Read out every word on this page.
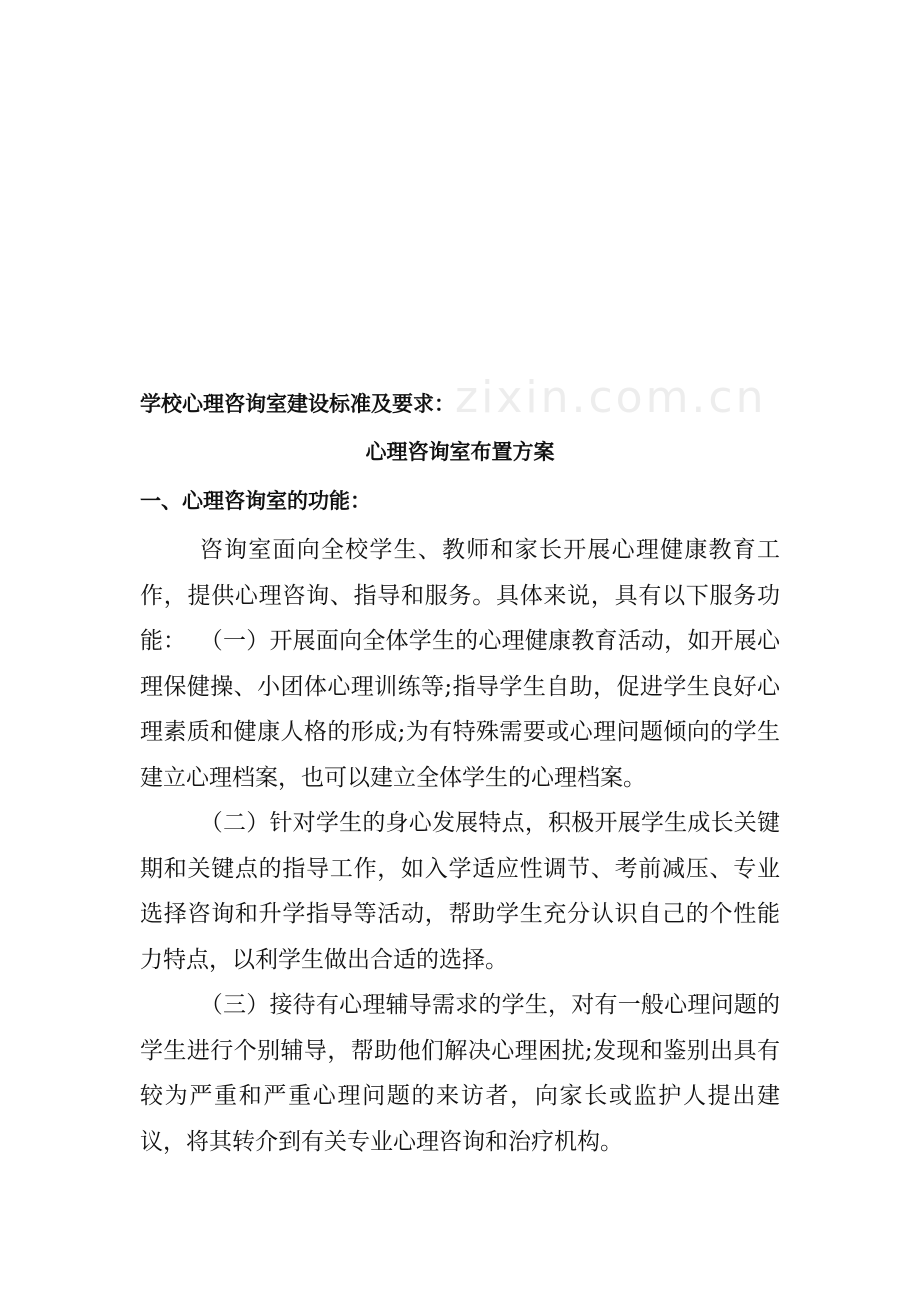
zixin.com.cn
学校心理咨询室建设标准及要求：
心理咨询室布置方案
一、心理咨询室的功能：

咨询室面向全校学生、教师和家长开展心理健康教育工作，提供心理咨询、指导和服务。具体来说，具有以下服务功能： （一）开展面向全体学生的心理健康教育活动，如开展心理保健操、小团体心理训练等;指导学生自助，促进学生良好心理素质和健康人格的形成;为有特殊需要或心理问题倾向的学生建立心理档案，也可以建立全体学生的心理档案。

（二）针对学生的身心发展特点，积极开展学生成长关键期和关键点的指导工作，如入学适应性调节、考前减压、专业选择咨询和升学指导等活动，帮助学生充分认识自己的个性能力特点，以利学生做出合适的选择。

（三）接待有心理辅导需求的学生，对有一般心理问题的学生进行个别辅导，帮助他们解决心理困扰;发现和鉴别出具有较为严重和严重心理问题的来访者，向家长或监护人提出建议，将其转介到有关专业心理咨询和治疗机构。
